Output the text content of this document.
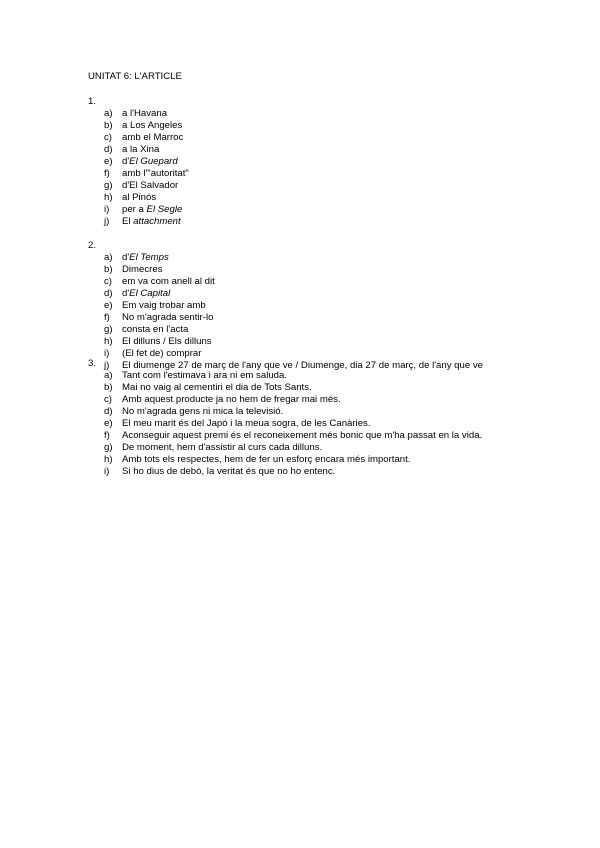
UNITAT 6: L'ARTICLE
1.
a) a l'Havana
b) a Los Angeles
c) amb el Marroc
d) a la Xina
e) d'El Guepard
f) amb l'"autoritat"
g) d'El Salvador
h) al Pinós
i) per a El Segle
j) El attachment
2.
a) d'El Temps
b) Dimecres
c) em va com anell al dit
d) d'El Capital
e) Em vaig trobar amb
f) No m'agrada sentir-lo
g) consta en l'acta
h) El dilluns / Els dilluns
i) (El fet de) comprar
j) El diumenge 27 de març de l'any que ve / Diumenge, dia 27 de març, de l'any que ve
3.
a) Tant com l'estimava i ara ni em saluda.
b) Mai no vaig al cementiri el dia de Tots Sants.
c) Amb aquest producte ja no hem de fregar mai més.
d) No m'agrada gens ni mica la televisió.
e) El meu marit és del Japó i la meua sogra, de les Canàries.
f) Aconseguir aquest premi és el reconeixement més bonic que m'ha passat en la vida.
g) De moment, hem d'assistir al curs cada dilluns.
h) Amb tots els respectes, hem de fer un esforç encara més important.
i) Si ho dius de debò, la veritat és que no ho entenc.
